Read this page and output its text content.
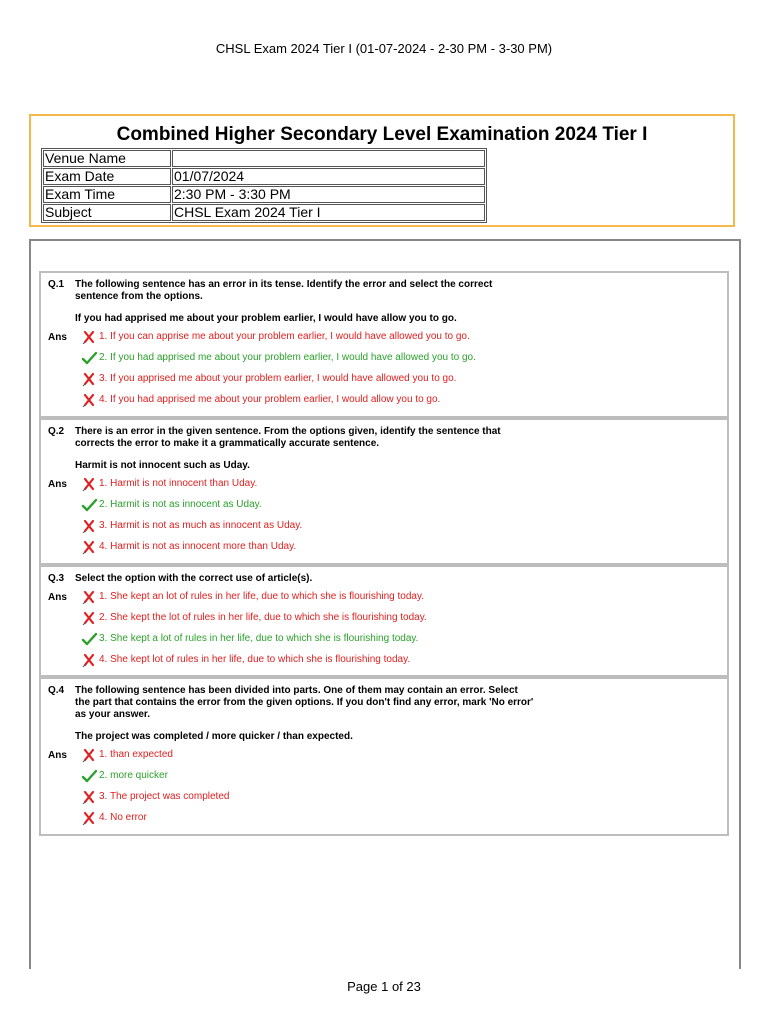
CHSL Exam 2024 Tier I (01-07-2024 - 2-30 PM - 3-30 PM)
Combined Higher Secondary Level Examination 2024 Tier I
Venue Name	
Exam Date	01/07/2024
Exam Time	2:30 PM - 3:30 PM
Subject	CHSL Exam 2024 Tier I
Q.1 The following sentence has an error in its tense. Identify the error and select the correct sentence from the options.
If you had apprised me about your problem earlier, I would have allow you to go.
Ans	1. If you can apprise me about your problem earlier, I would have allowed you to go.
2. If you had apprised me about your problem earlier, I would have allowed you to go.
3. If you apprised me about your problem earlier, I would have allowed you to go.
4. If you had apprised me about your problem earlier, I would allow you to go.
Q.2 There is an error in the given sentence. From the options given, identify the sentence that corrects the error to make it a grammatically accurate sentence.
Harmit is not innocent such as Uday.
Ans	1. Harmit is not innocent than Uday.
2. Harmit is not as innocent as Uday.
3. Harmit is not as much as innocent as Uday.
4. Harmit is not as innocent more than Uday.
Q.3 Select the option with the correct use of article(s).
Ans	1. She kept an lot of rules in her life, due to which she is flourishing today.
2. She kept the lot of rules in her life, due to which she is flourishing today.
3. She kept a lot of rules in her life, due to which she is flourishing today.
4. She kept lot of rules in her life, due to which she is flourishing today.
Q.4 The following sentence has been divided into parts. One of them may contain an error. Select the part that contains the error from the given options. If you don't find any error, mark 'No error' as your answer.
The project was completed / more quicker / than expected.
Ans	1. than expected
2. more quicker
3. The project was completed
4. No error
Page 1 of 23
